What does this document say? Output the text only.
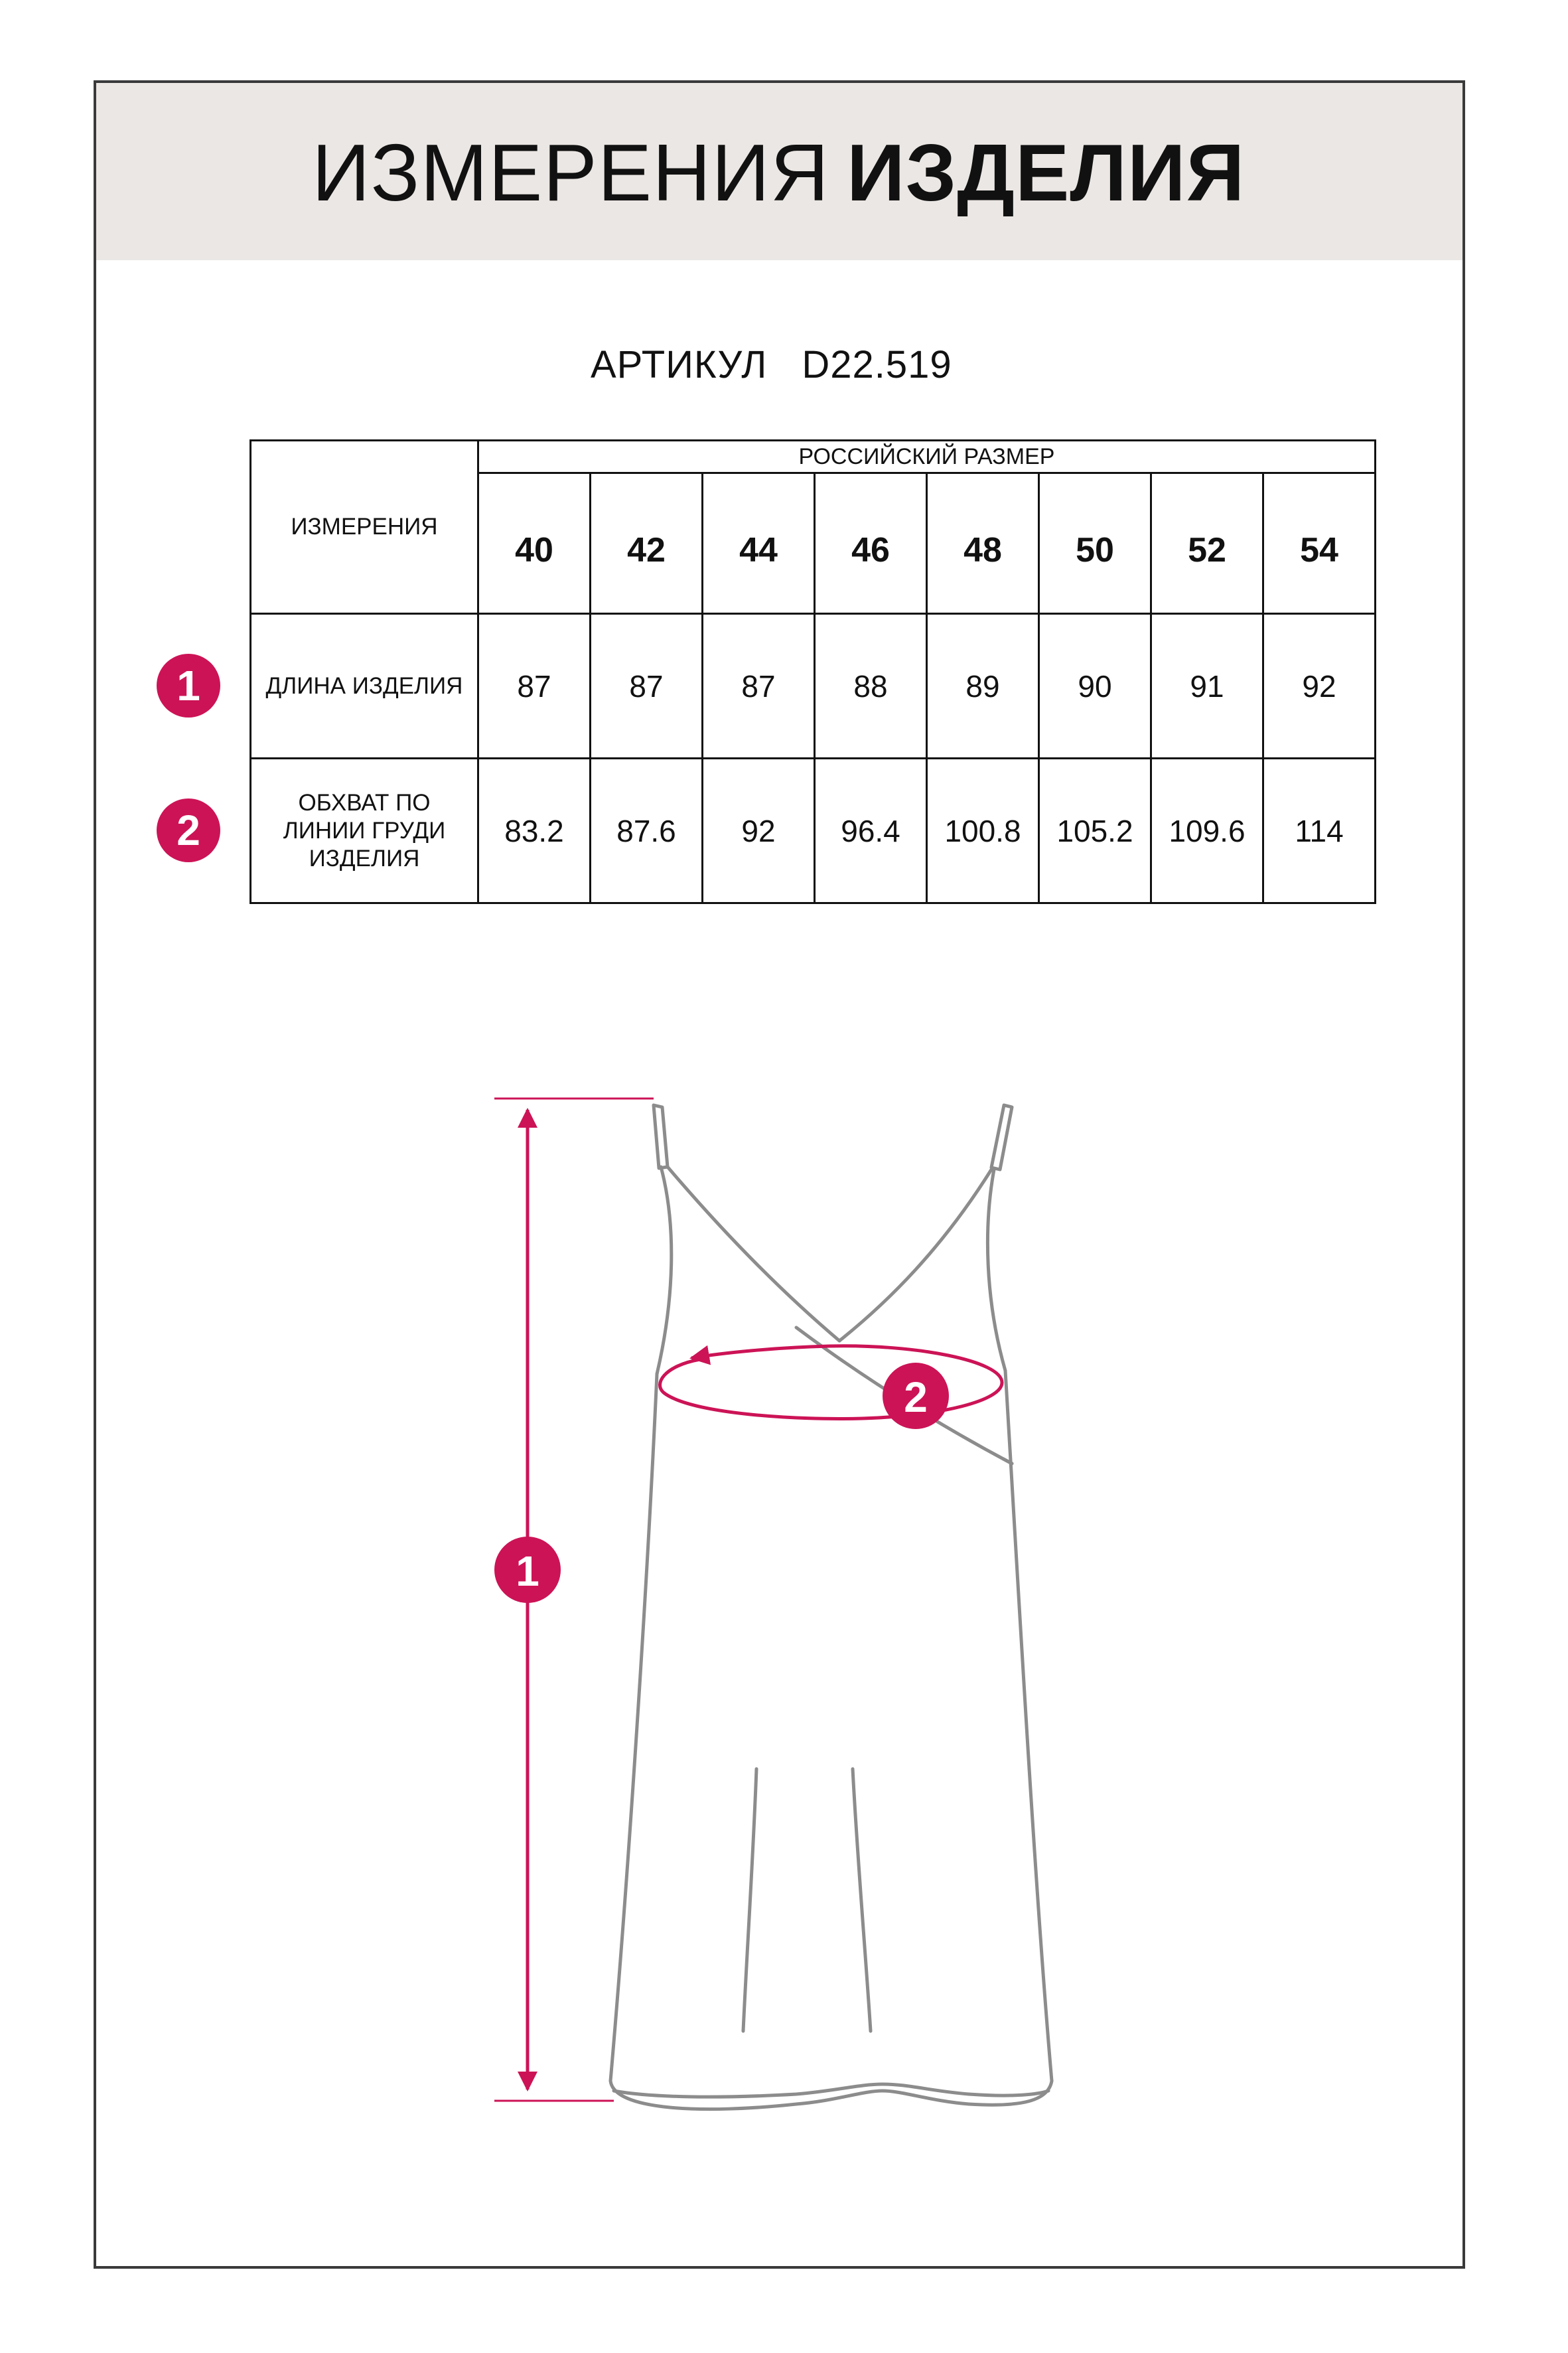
ИЗМЕРЕНИЯ ИЗДЕЛИЯ
АРТИКУЛ D22.519
ИЗМЕРЕНИЯ	РОССИЙСКИЙ РАЗМЕР							
	40	42	44	46	48	50	52	54
ДЛИНА ИЗДЕЛИЯ	87	87	87	88	89	90	91	92

ОБХВАТ ПО
ЛИНИИ ГРУДИ
ИЗДЕЛИЯ	83.2	87.6	92	96.4	100.8	105.2	109.6	114
1
2
1
2
